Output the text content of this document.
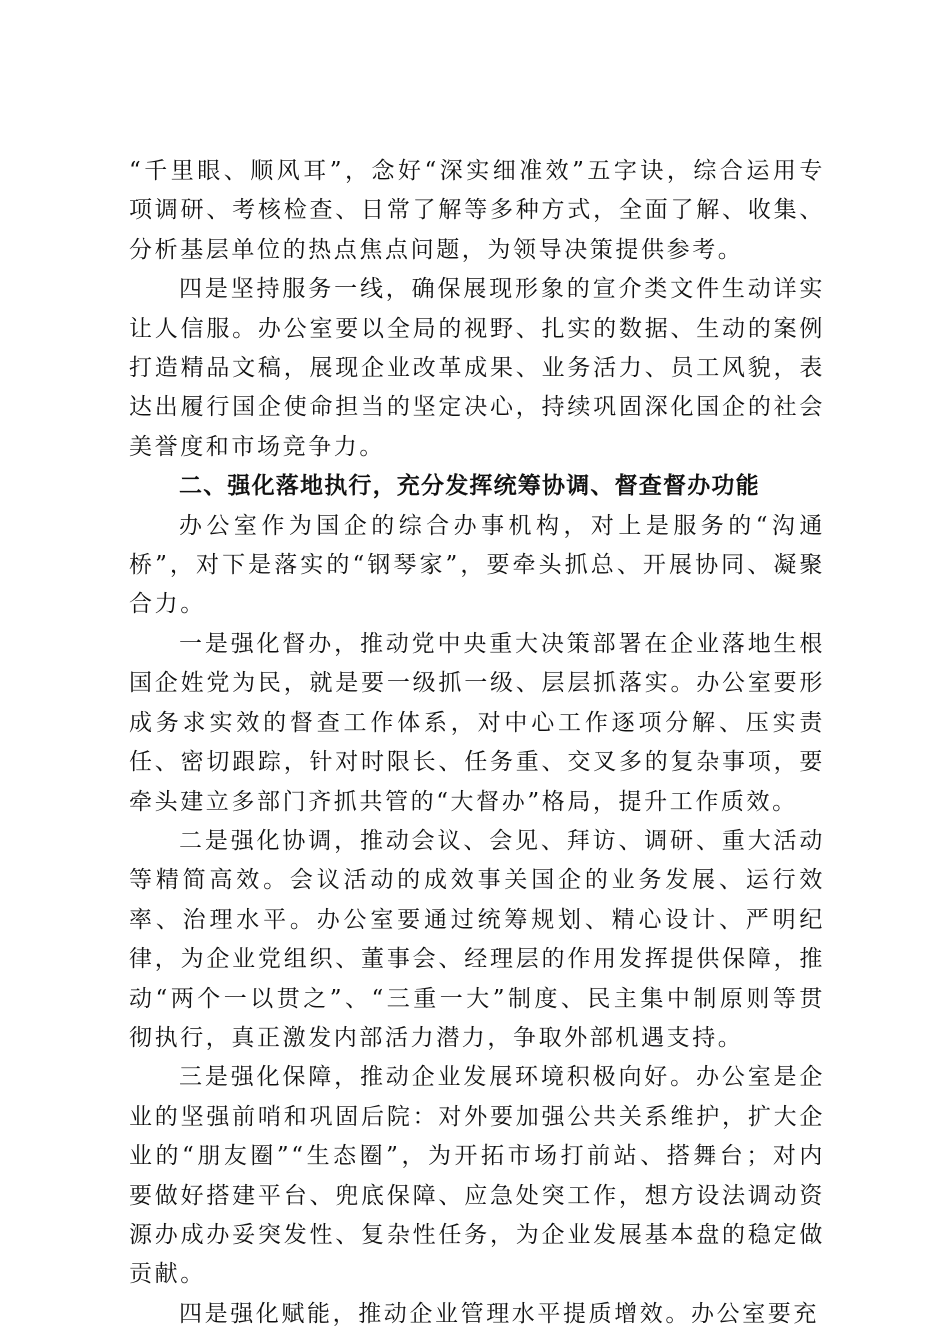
“千里眼、顺风耳”，念好“深实细准效”五字诀，综合运用专项调研、考核检查、日常了解等多种方式，全面了解、收集、分析基层单位的热点焦点问题，为领导决策提供参考。

四是坚持服务一线，确保展现形象的宣介类文件生动详实让人信服。办公室要以全局的视野、扎实的数据、生动的案例打造精品文稿，展现企业改革成果、业务活力、员工风貌，表达出履行国企使命担当的坚定决心，持续巩固深化国企的社会美誉度和市场竞争力。

二、强化落地执行，充分发挥统筹协调、督查督办功能

办公室作为国企的综合办事机构，对上是服务的“沟通桥”，对下是落实的“钢琴家”，要牵头抓总、开展协同、凝聚合力。

一是强化督办，推动党中央重大决策部署在企业落地生根国企姓党为民，就是要一级抓一级、层层抓落实。办公室要形成务求实效的督查工作体系，对中心工作逐项分解、压实责任、密切跟踪，针对时限长、任务重、交叉多的复杂事项，要牵头建立多部门齐抓共管的“大督办”格局，提升工作质效。

二是强化协调，推动会议、会见、拜访、调研、重大活动等精简高效。会议活动的成效事关国企的业务发展、运行效率、治理水平。办公室要通过统筹规划、精心设计、严明纪律，为企业党组织、董事会、经理层的作用发挥提供保障，推动“两个一以贯之”、“三重一大”制度、民主集中制原则等贯彻执行，真正激发内部活力潜力，争取外部机遇支持。

三是强化保障，推动企业发展环境积极向好。办公室是企业的坚强前哨和巩固后院：对外要加强公共关系维护，扩大企业的“朋友圈”“生态圈”，为开拓市场打前站、搭舞台；对内要做好搭建平台、兜底保障、应急处突工作，想方设法调动资源办成办妥突发性、复杂性任务，为企业发展基本盘的稳定做贡献。

四是强化赋能，推动企业管理水平提质增效。办公室要充
